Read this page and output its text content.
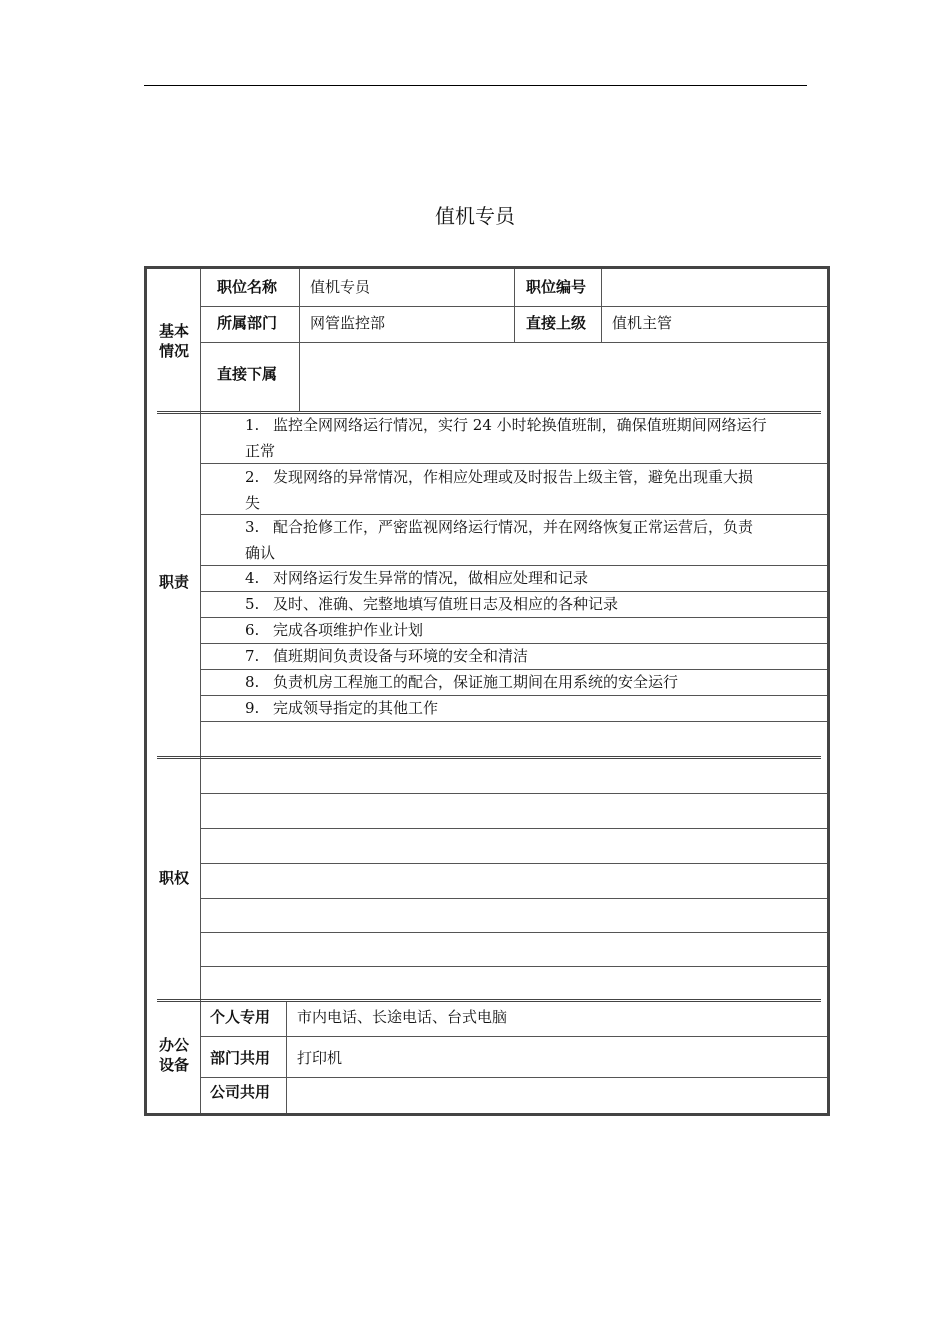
值机专员
基本
情况
职位名称 值机专员	职位编号
所属部门 网管监控部	直接上级 值机主管
直接下属
职责
1. 监控全网网络运行情况，实行 24 小时轮换值班制，确保值班期间网络运行
正常
2. 发现网络的异常情况，作相应处理或及时报告上级主管，避免出现重大损
失
3. 配合抢修工作，严密监视网络运行情况，并在网络恢复正常运营后，负责
确认
4. 对网络运行发生异常的情况，做相应处理和记录
5. 及时、准确、完整地填写值班日志及相应的各种记录
6. 完成各项维护作业计划
7. 值班期间负责设备与环境的安全和清洁
8. 负责机房工程施工的配合，保证施工期间在用系统的安全运行
9. 完成领导指定的其他工作
职权
办公
设备
个人专用 市内电话、长途电话、台式电脑
部门共用 打印机
公司共用
